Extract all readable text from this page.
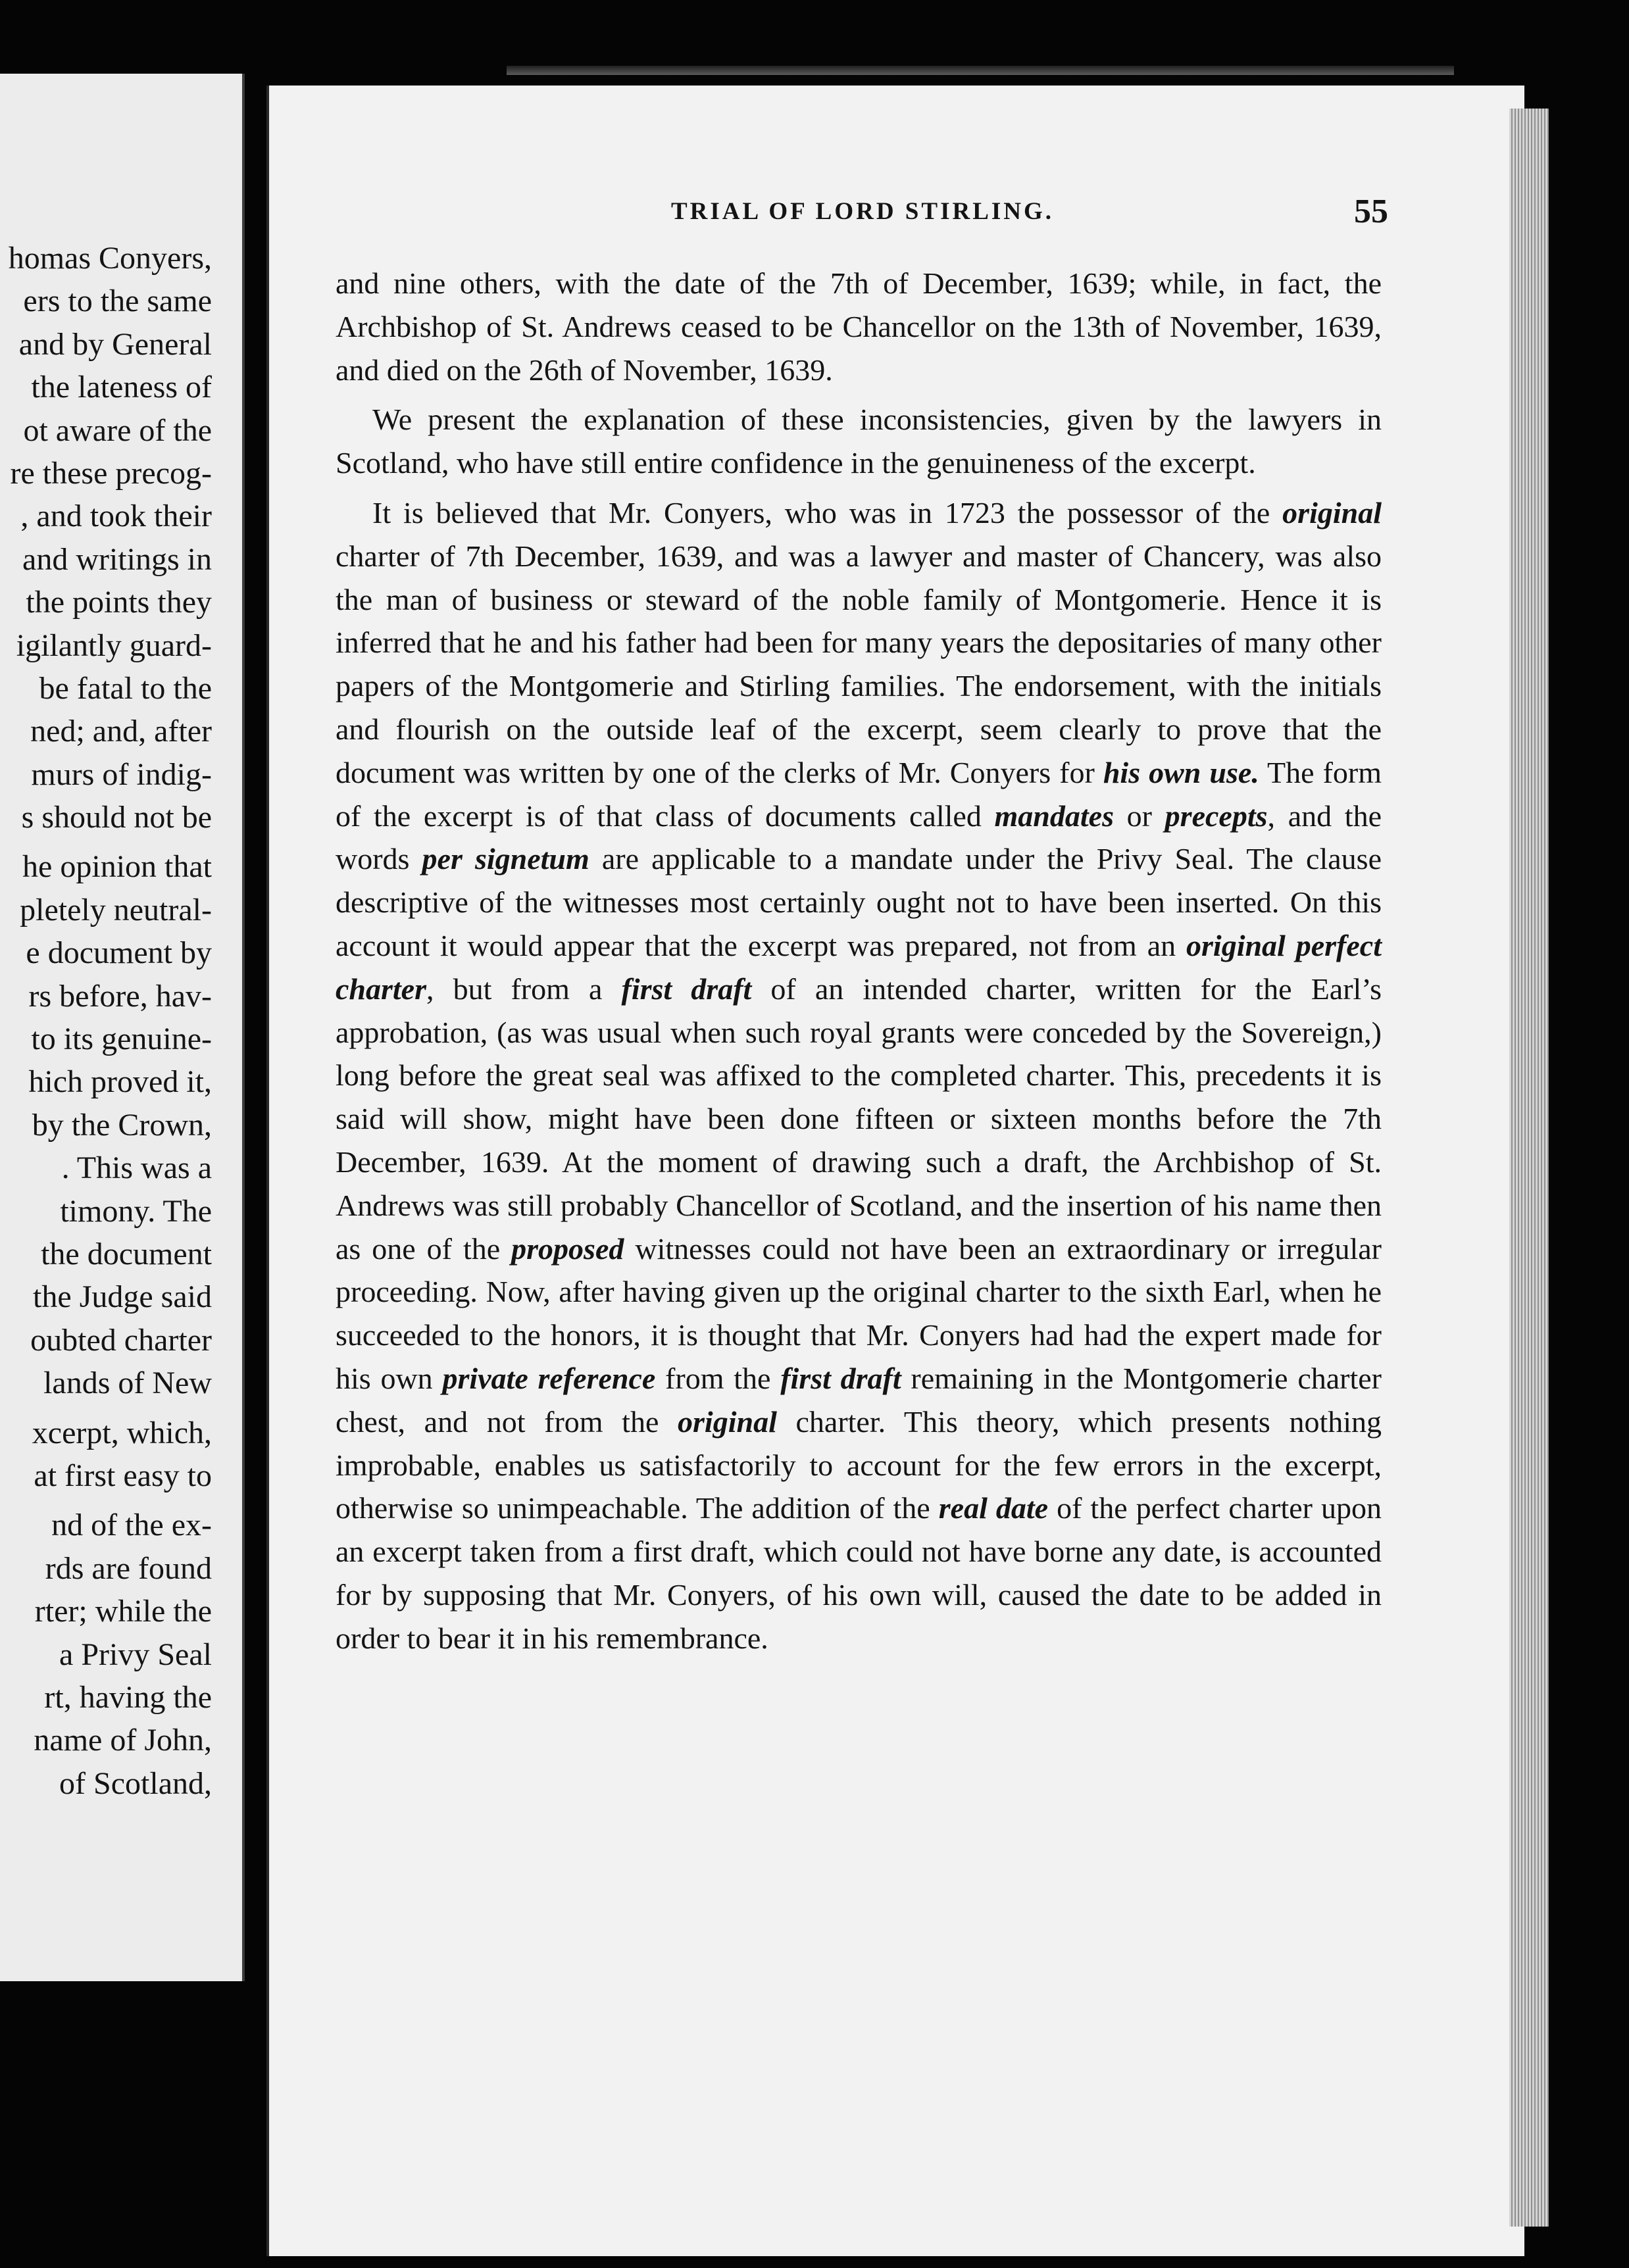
homas Conyers,
ers to the same
and by General
the lateness of
ot aware of the
re these precog-
, and took their
and writings in
the points they
igilantly guard-
be fatal to the
ned; and, after
murs of indig-
s should not be
he opinion that
pletely neutral-
e document by
rs before, hav-
to its genuine-
hich proved it,
by the Crown,
. This was a
timony. The
the document
the Judge said
oubted charter
lands of New
xcerpt, which,
at first easy to
nd of the ex-
rds are found
rter; while the
a Privy Seal
rt, having the
name of John,
of Scotland,
TRIAL OF LORD STIRLING.	55

and nine others, with the date of the 7th of December, 1639; while, in fact, the Archbishop of St. Andrews ceased to be Chancellor on the 13th of November, 1639, and died on the 26th of November, 1639.

We present the explanation of these inconsistencies, given by the lawyers in Scotland, who have still entire confidence in the genuineness of the excerpt.

It is believed that Mr. Conyers, who was in 1723 the possessor of the original charter of 7th December, 1639, and was a lawyer and master of Chancery, was also the man of business or steward of the noble family of Montgomerie. Hence it is inferred that he and his father had been for many years the depositaries of many other papers of the Montgomerie and Stirling families. The endorsement, with the initials and flourish on the outside leaf of the excerpt, seem clearly to prove that the document was written by one of the clerks of Mr. Conyers for his own use. The form of the excerpt is of that class of documents called mandates or precepts, and the words per signetum are applicable to a mandate under the Privy Seal. The clause descriptive of the witnesses most certainly ought not to have been inserted. On this account it would appear that the excerpt was prepared, not from an original perfect charter, but from a first draft of an intended charter, written for the Earl’s approbation, (as was usual when such royal grants were conceded by the Sovereign,) long before the great seal was affixed to the completed charter. This, precedents it is said will show, might have been done fifteen or sixteen months before the 7th December, 1639. At the moment of drawing such a draft, the Archbishop of St. Andrews was still probably Chancellor of Scotland, and the insertion of his name then as one of the proposed witnesses could not have been an extraordinary or irregular proceeding. Now, after having given up the original charter to the sixth Earl, when he succeeded to the honors, it is thought that Mr. Conyers had had the expert made for his own private reference from the first draft remaining in the Montgomerie charter chest, and not from the original charter. This theory, which presents nothing improbable, enables us satisfactorily to account for the few errors in the excerpt, otherwise so unimpeachable. The addition of the real date of the perfect charter upon an excerpt taken from a first draft, which could not have borne any date, is accounted for by supposing that Mr. Conyers, of his own will, caused the date to be added in order to bear it in his remembrance.
